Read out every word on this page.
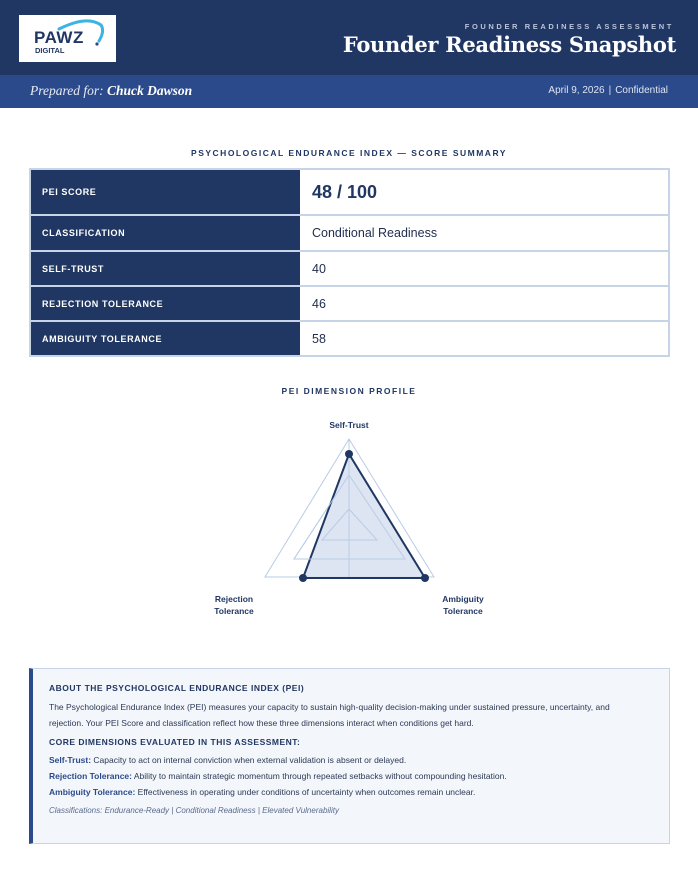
PAWZ
DIGITAL
FOUNDER READINESS ASSESSMENT
Founder Readiness Snapshot
Prepared for: Chuck Dawson	April 9, 2026 | Confidential
PSYCHOLOGICAL ENDURANCE INDEX — SCORE SUMMARY
PEI SCORE	48 / 100
CLASSIFICATION	Conditional Readiness
SELF-TRUST	40
REJECTION TOLERANCE	46
AMBIGUITY TOLERANCE	58
PEI DIMENSION PROFILE
Self-Trust
Rejection
Tolerance
Ambiguity
Tolerance
ABOUT THE PSYCHOLOGICAL ENDURANCE INDEX (PEI)
The Psychological Endurance Index (PEI) measures your capacity to sustain high-quality decision-making under sustained pressure, uncertainty, and
rejection. Your PEI Score and classification reflect how these three dimensions interact when conditions get hard.
CORE DIMENSIONS EVALUATED IN THIS ASSESSMENT:
Self-Trust: Capacity to act on internal conviction when external validation is absent or delayed.
Rejection Tolerance: Ability to maintain strategic momentum through repeated setbacks without compounding hesitation.
Ambiguity Tolerance: Effectiveness in operating under conditions of uncertainty when outcomes remain unclear.
Classifications: Endurance-Ready | Conditional Readiness | Elevated Vulnerability
